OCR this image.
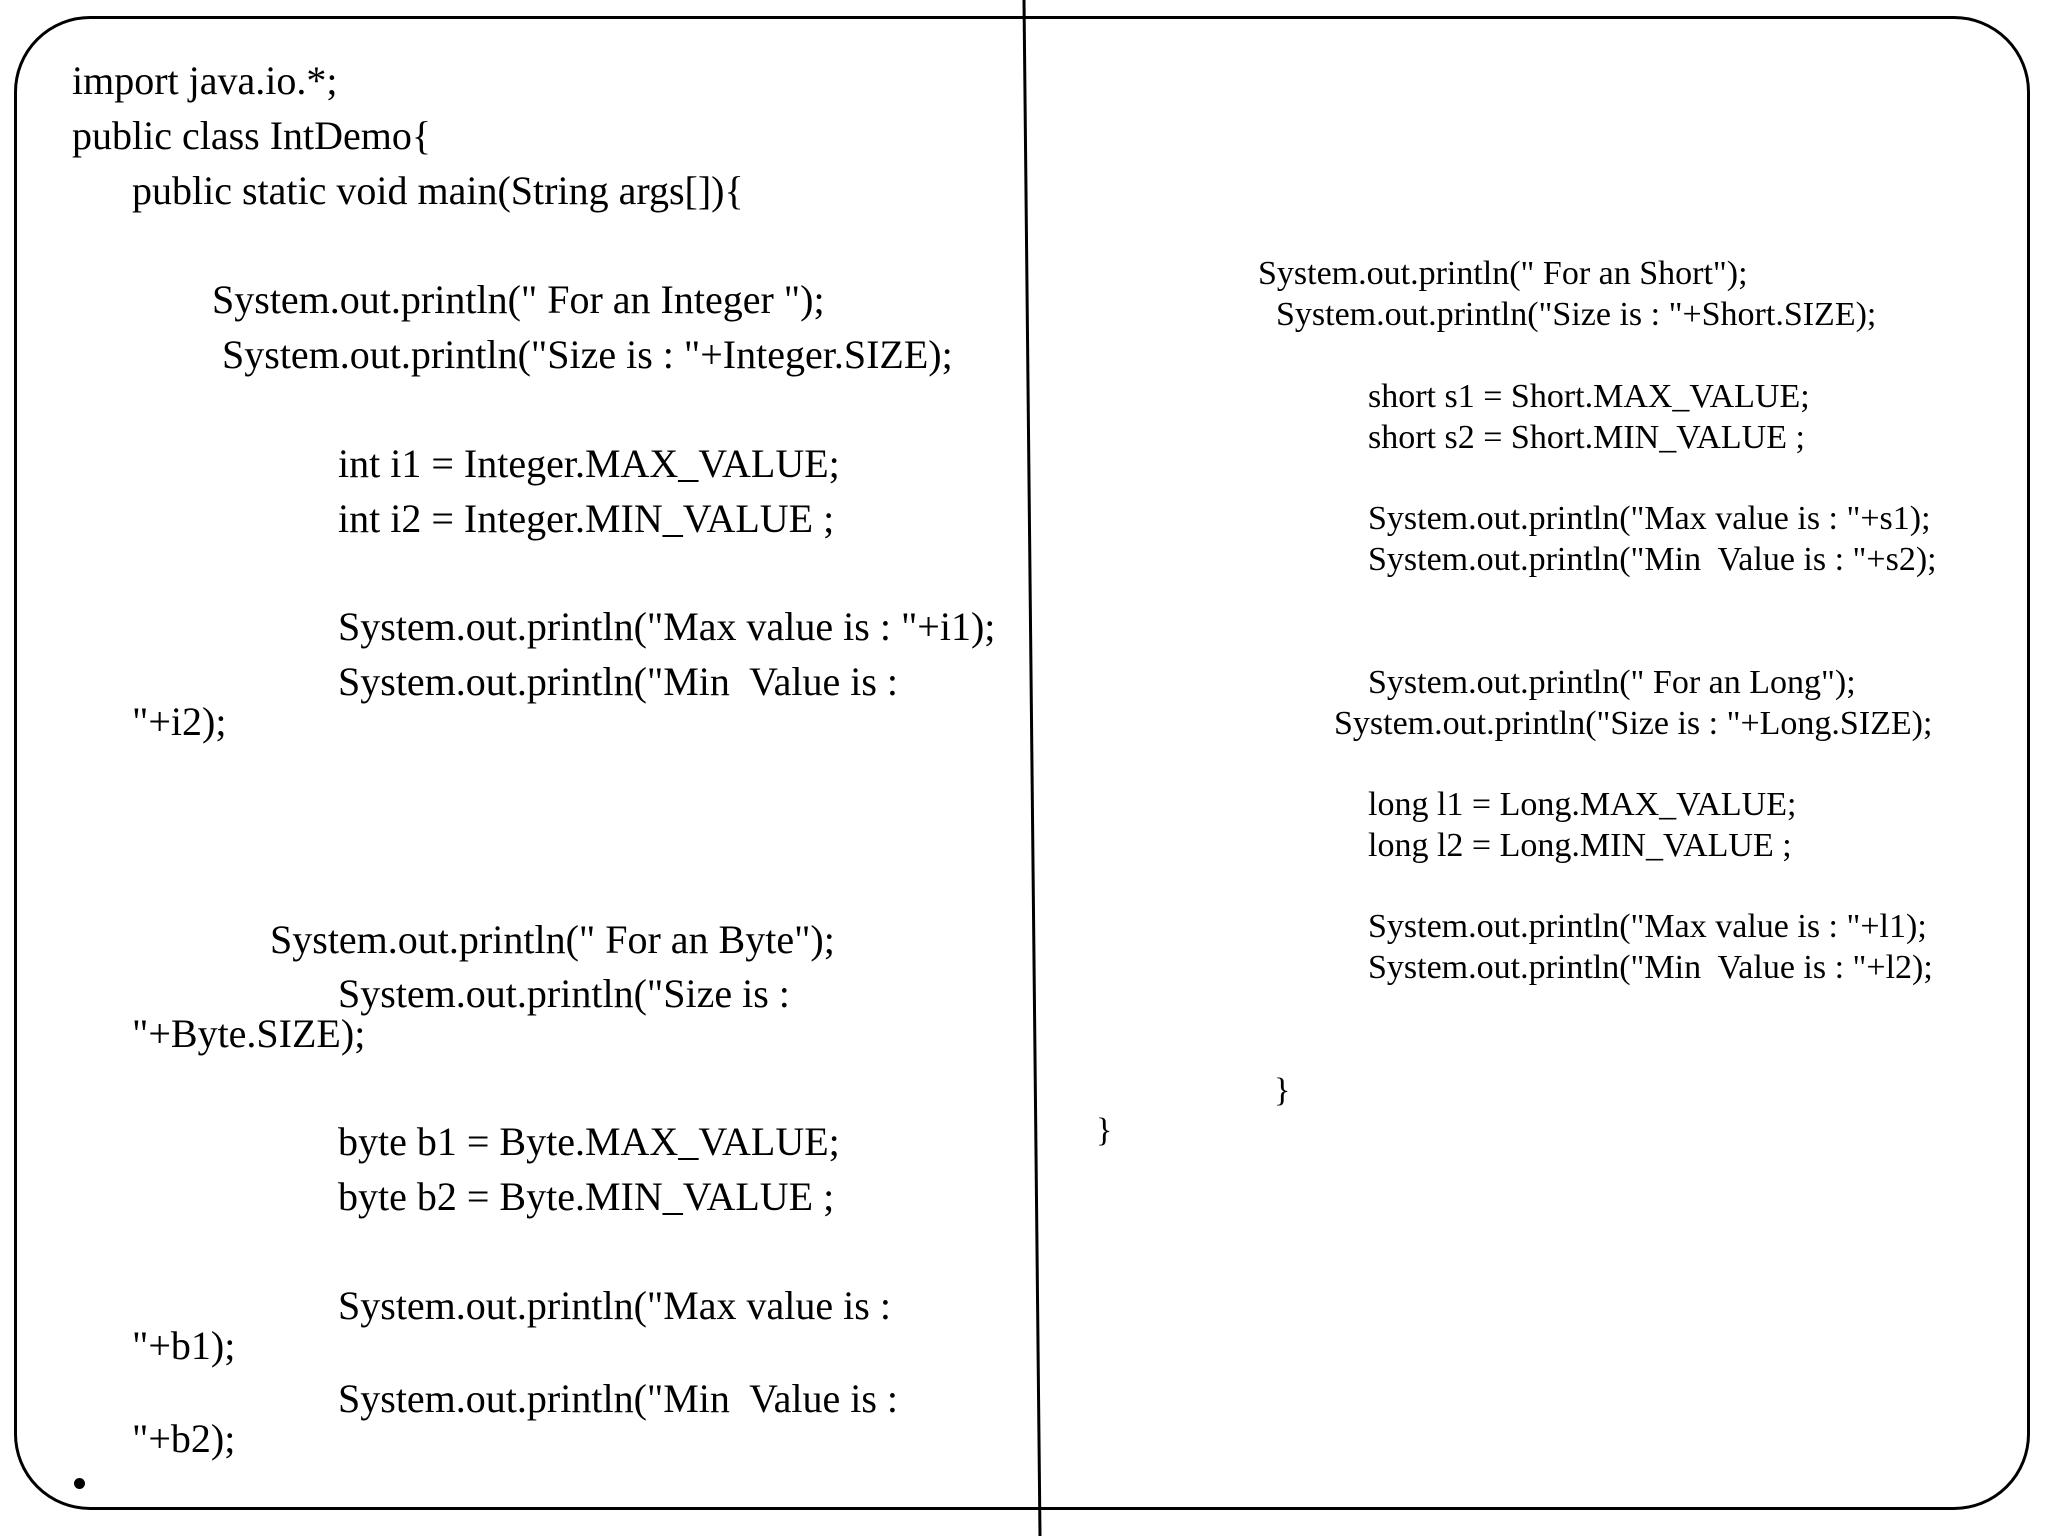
import java.io.*;
public class IntDemo{
public static void main(String args[]){
System.out.println(" For an Integer ");
System.out.println("Size is : "+Integer.SIZE);
int i1 = Integer.MAX_VALUE;
int i2 = Integer.MIN_VALUE ;
System.out.println("Max value is : "+i1);
System.out.println("Min  Value is :
"+i2);
System.out.println(" For an Byte");
System.out.println("Size is :
"+Byte.SIZE);
byte b1 = Byte.MAX_VALUE;
byte b2 = Byte.MIN_VALUE ;
System.out.println("Max value is :
"+b1);
System.out.println("Min  Value is :
"+b2);
System.out.println(" For an Short");
System.out.println("Size is : "+Short.SIZE);
short s1 = Short.MAX_VALUE;
short s2 = Short.MIN_VALUE ;
System.out.println("Max value is : "+s1);
System.out.println("Min  Value is : "+s2);
System.out.println(" For an Long");
System.out.println("Size is : "+Long.SIZE);
long l1 = Long.MAX_VALUE;
long l2 = Long.MIN_VALUE ;
System.out.println("Max value is : "+l1);
System.out.println("Min  Value is : "+l2);
}
}
